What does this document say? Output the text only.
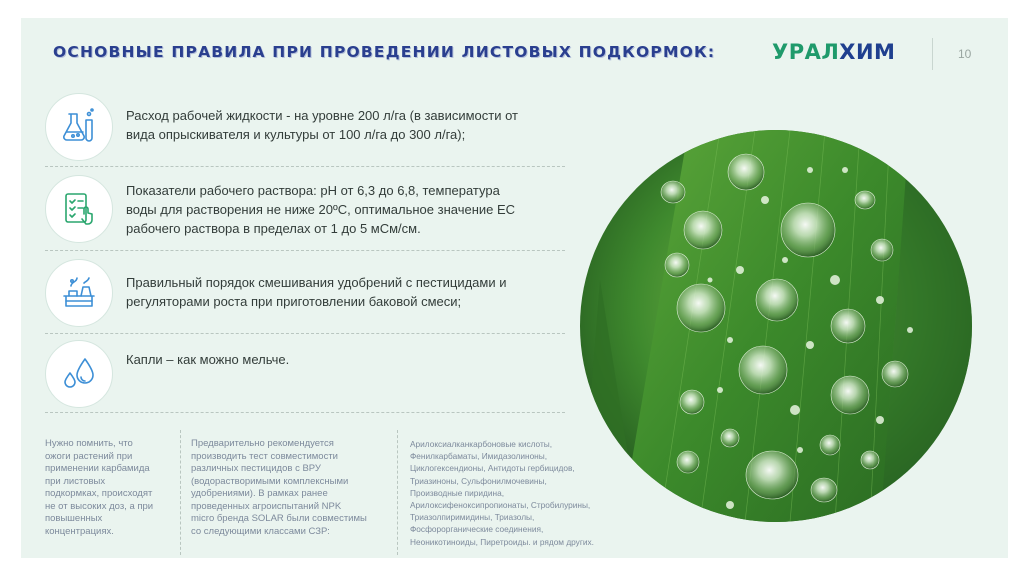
ОСНОВНЫЕ ПРАВИЛА ПРИ ПРОВЕДЕНИИ ЛИСТОВЫХ ПОДКОРМОК:	УРАЛХИМ	10
Расход рабочей жидкости - на уровне 200 л/га (в зависимости от
вида опрыскивателя и культуры от 100 л/га до 300 л/га);
Показатели рабочего раствора: pH от 6,3 до 6,8, температура
воды для растворения не ниже 20ºС, оптимальное значение ЕС
рабочего раствора в пределах от 1 до 5 мСм/см.
Правильный порядок смешивания удобрений с пестицидами и
регуляторами роста при приготовлении баковой смеси;
Капли – как можно мельче.
Нужно помнить, что
ожоги растений при
применении карбамида
при листовых
подкормках, происходят
не от высоких доз, а при
повышенных
концентрациях.
Предварительно рекомендуется
производить тест совместимости
различных пестицидов с ВРУ
(водорастворимыми комплексными
удобрениями). В рамках ранее
проведенных агроиспытаний NPK
micro бренда SOLAR были совместимы
со следующими классами СЗР:
Арилоксиалканкарбоновые кислоты,
Фенилкарбаматы, Имидазолиноны,
Циклогексендионы, Антидоты гербицидов,
Триазиноны, Сульфонилмочевины,
Производные пиридина,
Арилоксифеноксипропионаты, Стробилурины,
Триазолпиримидины, Триазолы,
Фосфорорганические соединения,
Неоникотиноиды, Пиретроиды. и рядом других.
